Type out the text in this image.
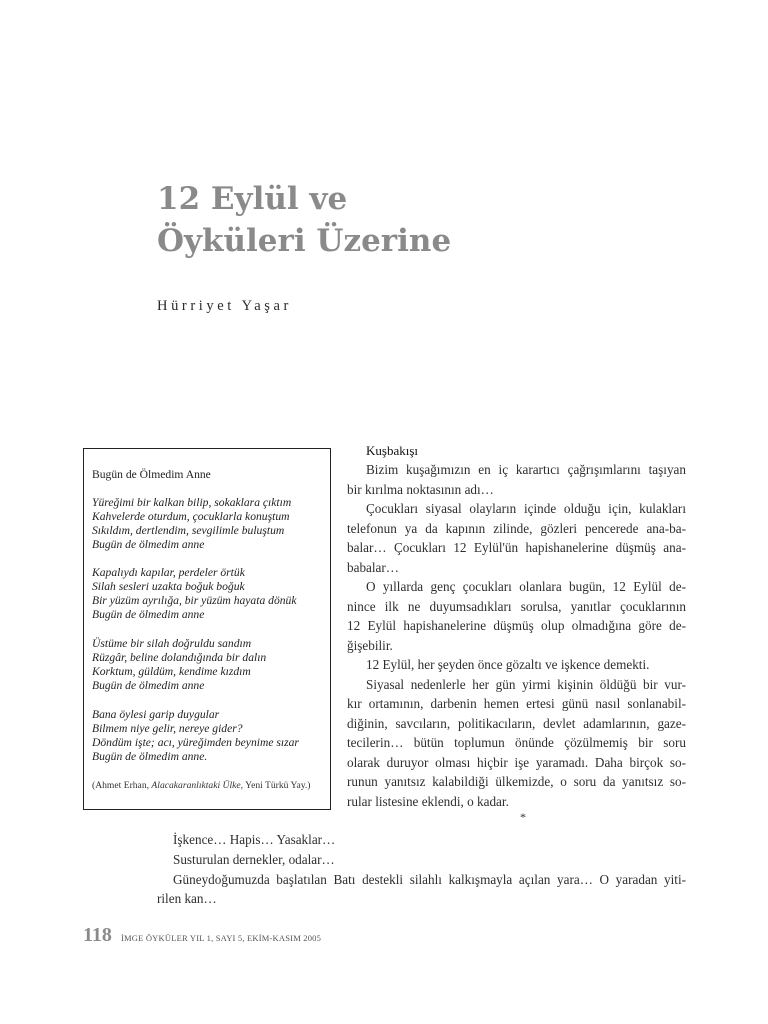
12 Eylül ve
Öyküleri Üzerine
Hürriyet Yaşar
Bugün de Ölmedim Anne
Yüreğimi bir kalkan bilip, sokaklara çıktım
Kahvelerde oturdum, çocuklarla konuştum
Sıkıldım, dertlendim, sevgilimle buluştum
Bugün de ölmedim anne
Kapalıydı kapılar, perdeler örtük
Silah sesleri uzakta boğuk boğuk
Bir yüzüm ayrılığa, bir yüzüm hayata dönük
Bugün de ölmedim anne
Üstüme bir silah doğruldu sandım
Rüzgâr, beline dolandığında bir dalın
Korktum, güldüm, kendime kızdım
Bugün de ölmedim anne
Bana öylesi garip duygular
Bilmem niye gelir, nereye gider?
Döndüm işte; acı, yüreğimden beynime sızar
Bugün de ölmedim anne.
(Ahmet Erhan, Alacakaranlıktaki Ülke, Yeni Türkü Yay.)
Kuşbakışı
Bizim kuşağımızın en iç karartıcı çağrışımlarını taşıyan
bir kırılma noktasının adı…
Çocukları siyasal olayların içinde olduğu için, kulakları
telefonun ya da kapının zilinde, gözleri pencerede ana-ba-
balar… Çocukları 12 Eylül'ün hapishanelerine düşmüş ana-
babalar…
O yıllarda genç çocukları olanlara bugün, 12 Eylül de-
nince ilk ne duyumsadıkları sorulsa, yanıtlar çocuklarının
12 Eylül hapishanelerine düşmüş olup olmadığına göre de-
ğişebilir.
12 Eylül, her şeyden önce gözaltı ve işkence demekti.
Siyasal nedenlerle her gün yirmi kişinin öldüğü bir vur-
kır ortamının, darbenin hemen ertesi günü nasıl sonlanabil-
diğinin, savcıların, politikacıların, devlet adamlarının, gaze-
tecilerin… bütün toplumun önünde çözülmemiş bir soru
olarak duruyor olması hiçbir işe yaramadı. Daha birçok so-
runun yanıtsız kalabildiği ülkemizde, o soru da yanıtsız so-
rular listesine eklendi, o kadar.
*
İşkence… Hapis… Yasaklar…
Susturulan dernekler, odalar…
Güneydoğumuzda başlatılan Batı destekli silahlı kalkışmayla açılan yara… O yaradan yiti-
rilen kan…
118 İMGE ÖYKÜLER YIL 1, SAYI 5, EKİM-KASIM 2005
